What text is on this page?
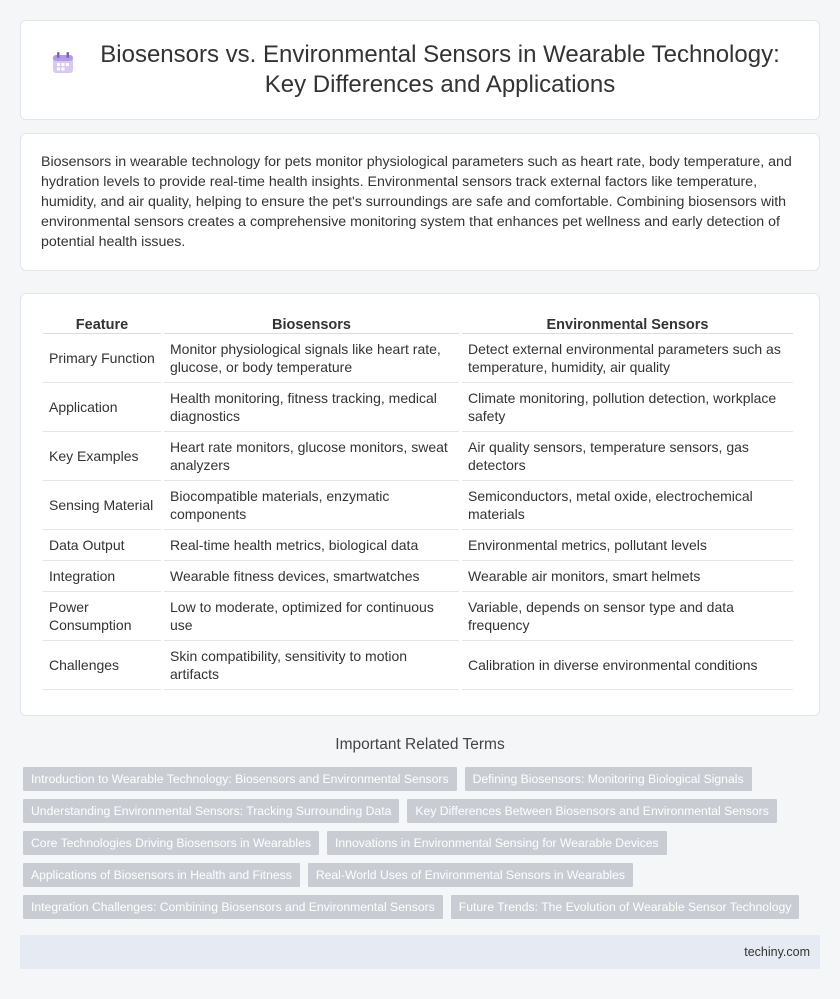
Biosensors vs. Environmental Sensors in Wearable Technology: Key Differences and Applications

Biosensors in wearable technology for pets monitor physiological parameters such as heart rate, body temperature, and hydration levels to provide real-time health insights. Environmental sensors track external factors like temperature, humidity, and air quality, helping to ensure the pet's surroundings are safe and comfortable. Combining biosensors with environmental sensors creates a comprehensive monitoring system that enhances pet wellness and early detection of potential health issues.

Feature	Biosensors	Environmental Sensors
Primary Function	Monitor physiological signals like heart rate, glucose, or body temperature	Detect external environmental parameters such as temperature, humidity, air quality
Application	Health monitoring, fitness tracking, medical diagnostics	Climate monitoring, pollution detection, workplace safety
Key Examples	Heart rate monitors, glucose monitors, sweat analyzers	Air quality sensors, temperature sensors, gas detectors
Sensing Material	Biocompatible materials, enzymatic components	Semiconductors, metal oxide, electrochemical materials
Data Output	Real-time health metrics, biological data	Environmental metrics, pollutant levels
Integration	Wearable fitness devices, smartwatches	Wearable air monitors, smart helmets
Power Consumption	Low to moderate, optimized for continuous use	Variable, depends on sensor type and data frequency
Challenges	Skin compatibility, sensitivity to motion artifacts	Calibration in diverse environmental conditions
Important Related Terms
Introduction to Wearable Technology: Biosensors and Environmental Sensors	Defining Biosensors: Monitoring Biological Signals
Understanding Environmental Sensors: Tracking Surrounding Data	Key Differences Between Biosensors and Environmental Sensors
Core Technologies Driving Biosensors in Wearables	Innovations in Environmental Sensing for Wearable Devices
Applications of Biosensors in Health and Fitness	Real-World Uses of Environmental Sensors in Wearables
Integration Challenges: Combining Biosensors and Environmental Sensors	Future Trends: The Evolution of Wearable Sensor Technology
techiny.com
